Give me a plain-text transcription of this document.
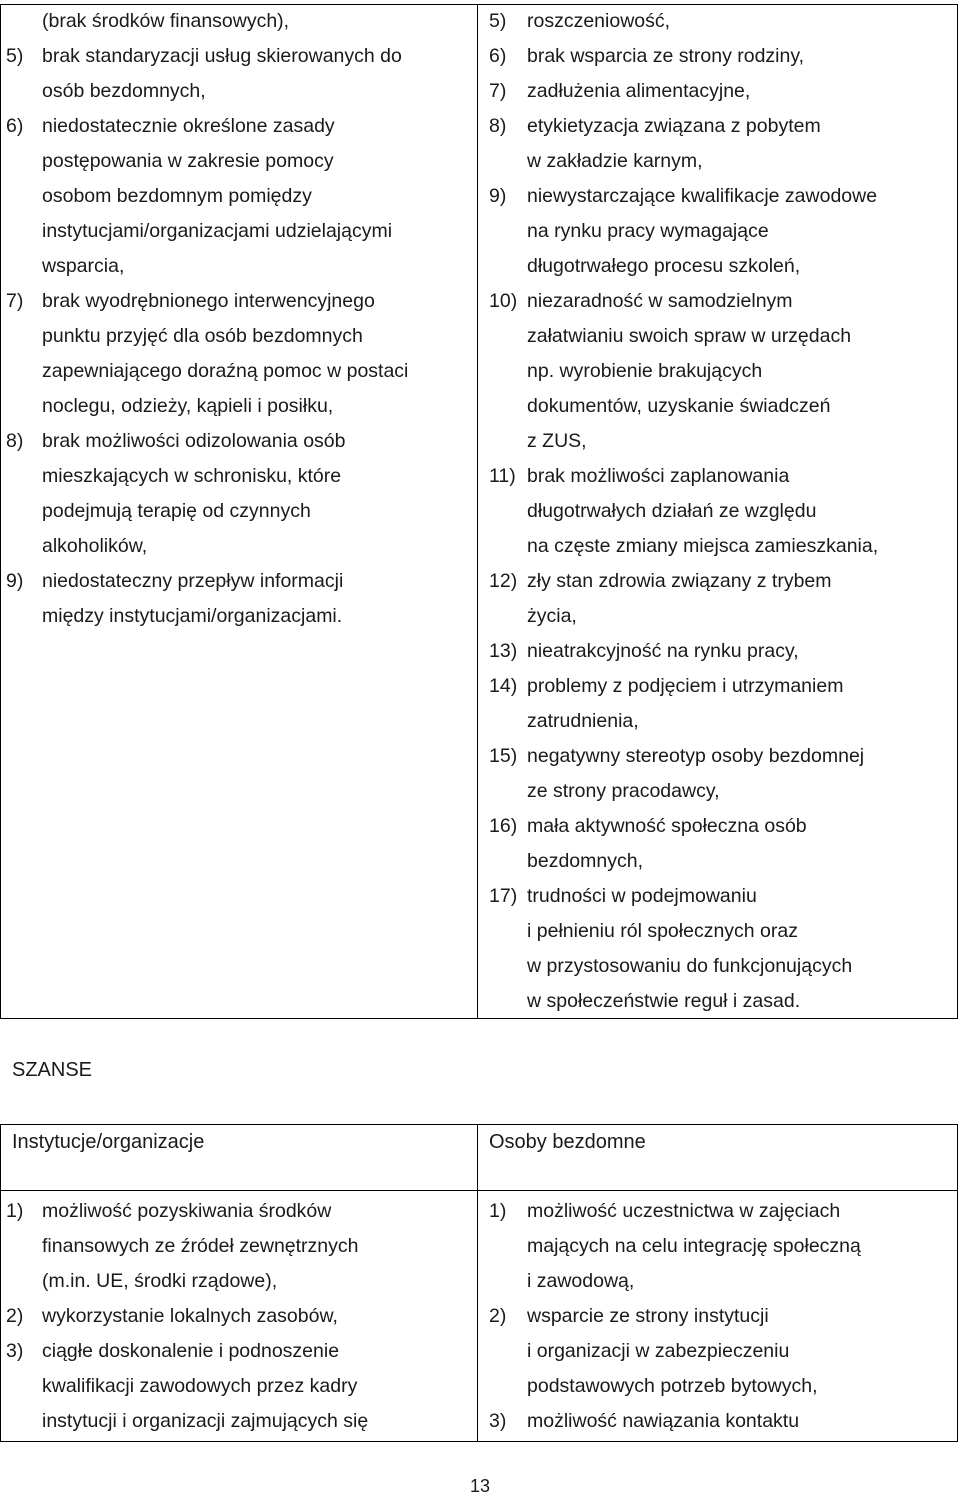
(brak środków finansowych),
5) brak standaryzacji usług skierowanych do
osób bezdomnych,
6) niedostatecznie określone zasady
postępowania w zakresie pomocy
osobom bezdomnym pomiędzy
instytucjami/organizacjami udzielającymi
wsparcia,
7) brak wyodrębnionego interwencyjnego
punktu przyjęć dla osób bezdomnych
zapewniającego doraźną pomoc w postaci
noclegu, odzieży, kąpieli i posiłku,
8) brak możliwości odizolowania osób
mieszkających w schronisku, które
podejmują terapię od czynnych
alkoholików,
9) niedostateczny przepływ informacji
między instytucjami/organizacjami.
5) roszczeniowość,
6) brak wsparcia ze strony rodziny,
7) zadłużenia alimentacyjne,
8) etykietyzacja związana z pobytem
w zakładzie karnym,
9) niewystarczające kwalifikacje zawodowe
na rynku pracy wymagające
długotrwałego procesu szkoleń,
10) niezaradność w samodzielnym
załatwianiu swoich spraw w urzędach
np. wyrobienie brakujących
dokumentów, uzyskanie świadczeń
z ZUS,
11) brak możliwości zaplanowania
długotrwałych działań ze względu
na częste zmiany miejsca zamieszkania,
12) zły stan zdrowia związany z trybem
życia,
13) nieatrakcyjność na rynku pracy,
14) problemy z podjęciem i utrzymaniem
zatrudnienia,
15) negatywny stereotyp osoby bezdomnej
ze strony pracodawcy,
16) mała aktywność społeczna osób
bezdomnych,
17) trudności w podejmowaniu
i pełnieniu ról społecznych oraz
w przystosowaniu do funkcjonujących
w społeczeństwie reguł i zasad.
SZANSE
Instytucje/organizacje	Osoby bezdomne
1) możliwość pozyskiwania środków
finansowych ze źródeł zewnętrznych
(m.in. UE, środki rządowe),
2) wykorzystanie lokalnych zasobów,
3) ciągłe doskonalenie i podnoszenie
kwalifikacji zawodowych przez kadry
instytucji i organizacji zajmujących się
1) możliwość uczestnictwa w zajęciach
mających na celu integrację społeczną
i zawodową,
2) wsparcie ze strony instytucji
i organizacji w zabezpieczeniu
podstawowych potrzeb bytowych,
3) możliwość nawiązania kontaktu
13
